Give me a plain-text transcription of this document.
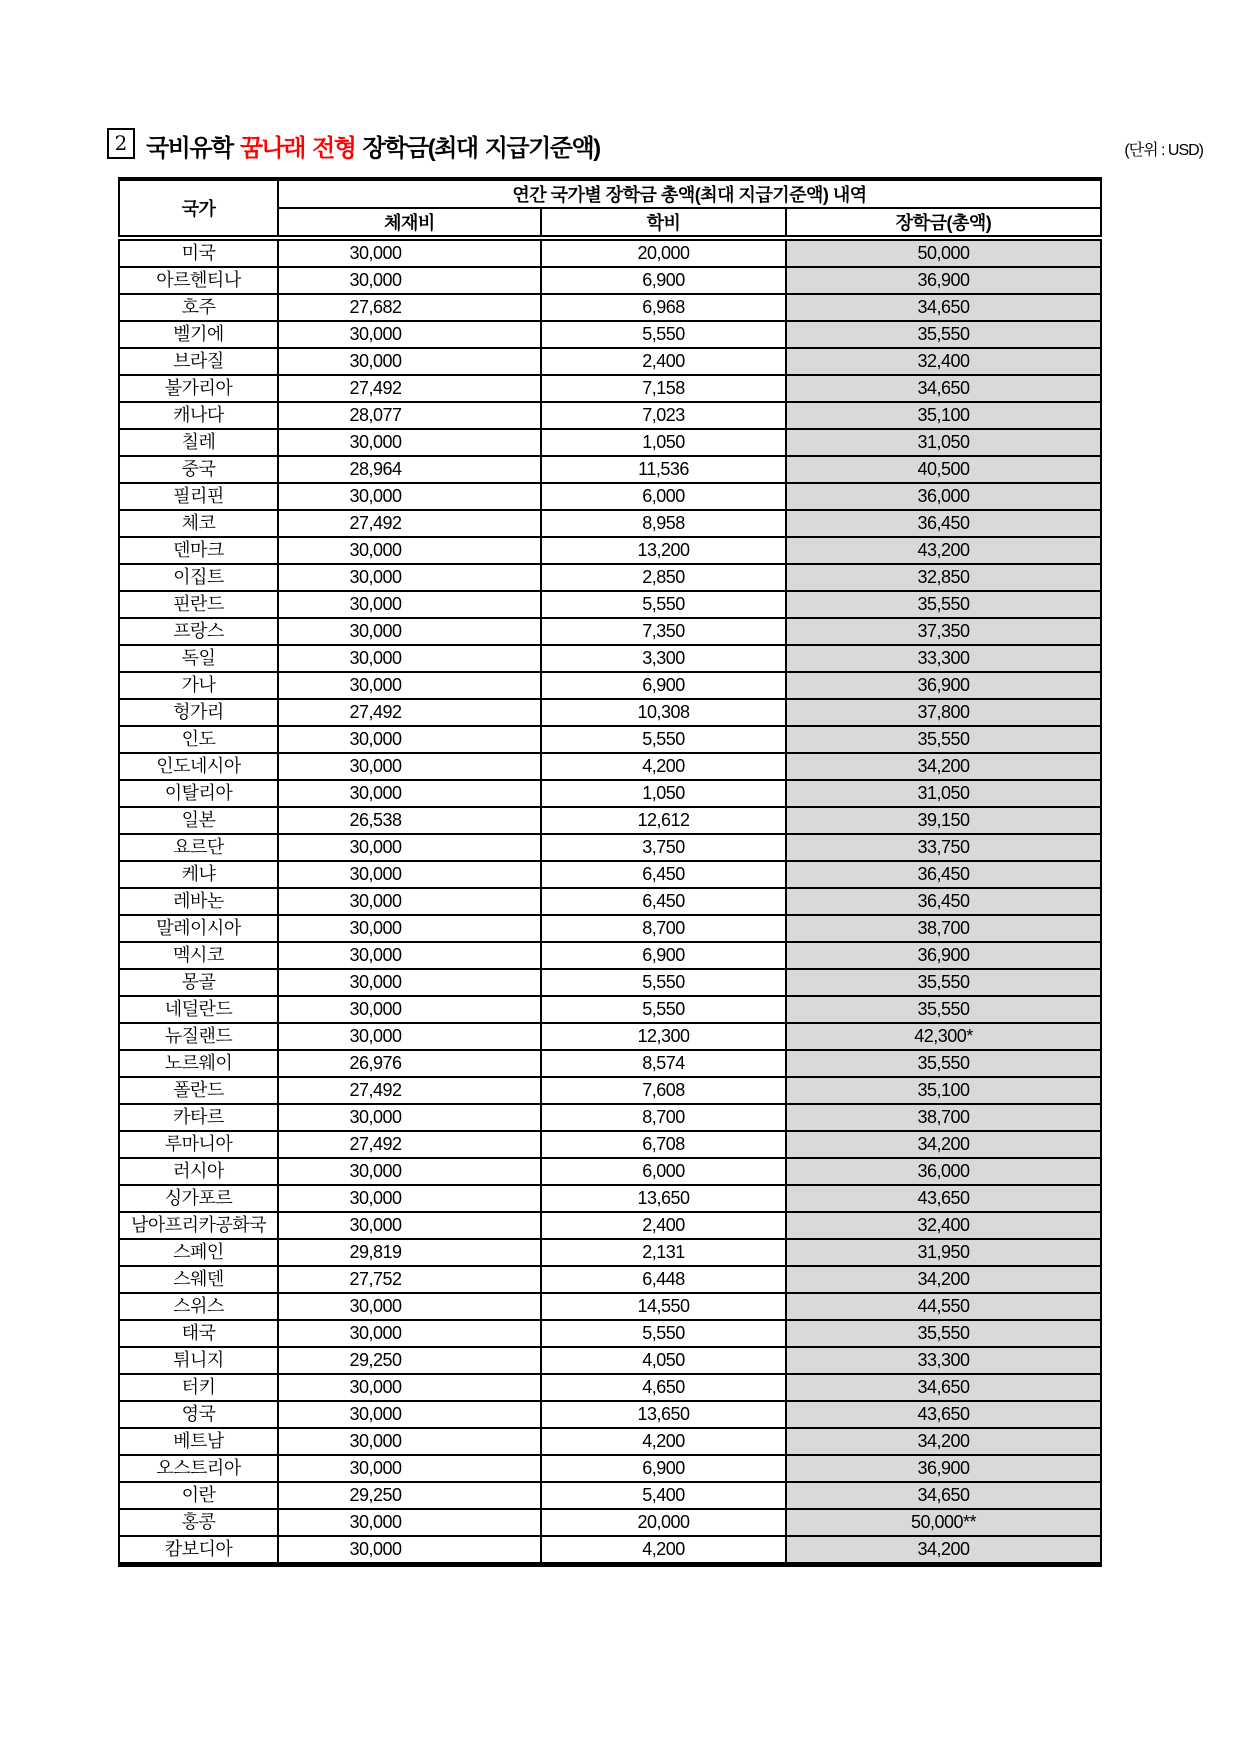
2 국비유학 꿈나래 전형 장학금(최대 지급기준액)	(단위 : USD)
국가	연간 국가별 장학금 총액(최대 지급기준액) 내역		
	체재비	학비	장학금(총액)
미국	30,000	20,000	50,000
아르헨티나	30,000	6,900	36,900
호주	27,682	6,968	34,650
벨기에	30,000	5,550	35,550
브라질	30,000	2,400	32,400
불가리아	27,492	7,158	34,650
캐나다	28,077	7,023	35,100
칠레	30,000	1,050	31,050
중국	28,964	11,536	40,500
필리핀	30,000	6,000	36,000
체코	27,492	8,958	36,450
덴마크	30,000	13,200	43,200
이집트	30,000	2,850	32,850
핀란드	30,000	5,550	35,550
프랑스	30,000	7,350	37,350
독일	30,000	3,300	33,300
가나	30,000	6,900	36,900
헝가리	27,492	10,308	37,800
인도	30,000	5,550	35,550
인도네시아	30,000	4,200	34,200
이탈리아	30,000	1,050	31,050
일본	26,538	12,612	39,150
요르단	30,000	3,750	33,750
케냐	30,000	6,450	36,450
레바논	30,000	6,450	36,450
말레이시아	30,000	8,700	38,700
멕시코	30,000	6,900	36,900
몽골	30,000	5,550	35,550
네덜란드	30,000	5,550	35,550
뉴질랜드	30,000	12,300	42,300*
노르웨이	26,976	8,574	35,550
폴란드	27,492	7,608	35,100
카타르	30,000	8,700	38,700
루마니아	27,492	6,708	34,200
러시아	30,000	6,000	36,000
싱가포르	30,000	13,650	43,650
남아프리카공화국	30,000	2,400	32,400
스페인	29,819	2,131	31,950
스웨덴	27,752	6,448	34,200
스위스	30,000	14,550	44,550
태국	30,000	5,550	35,550
튀니지	29,250	4,050	33,300
터키	30,000	4,650	34,650
영국	30,000	13,650	43,650
베트남	30,000	4,200	34,200
오스트리아	30,000	6,900	36,900
이란	29,250	5,400	34,650
홍콩	30,000	20,000	50,000**
캄보디아	30,000	4,200	34,200
